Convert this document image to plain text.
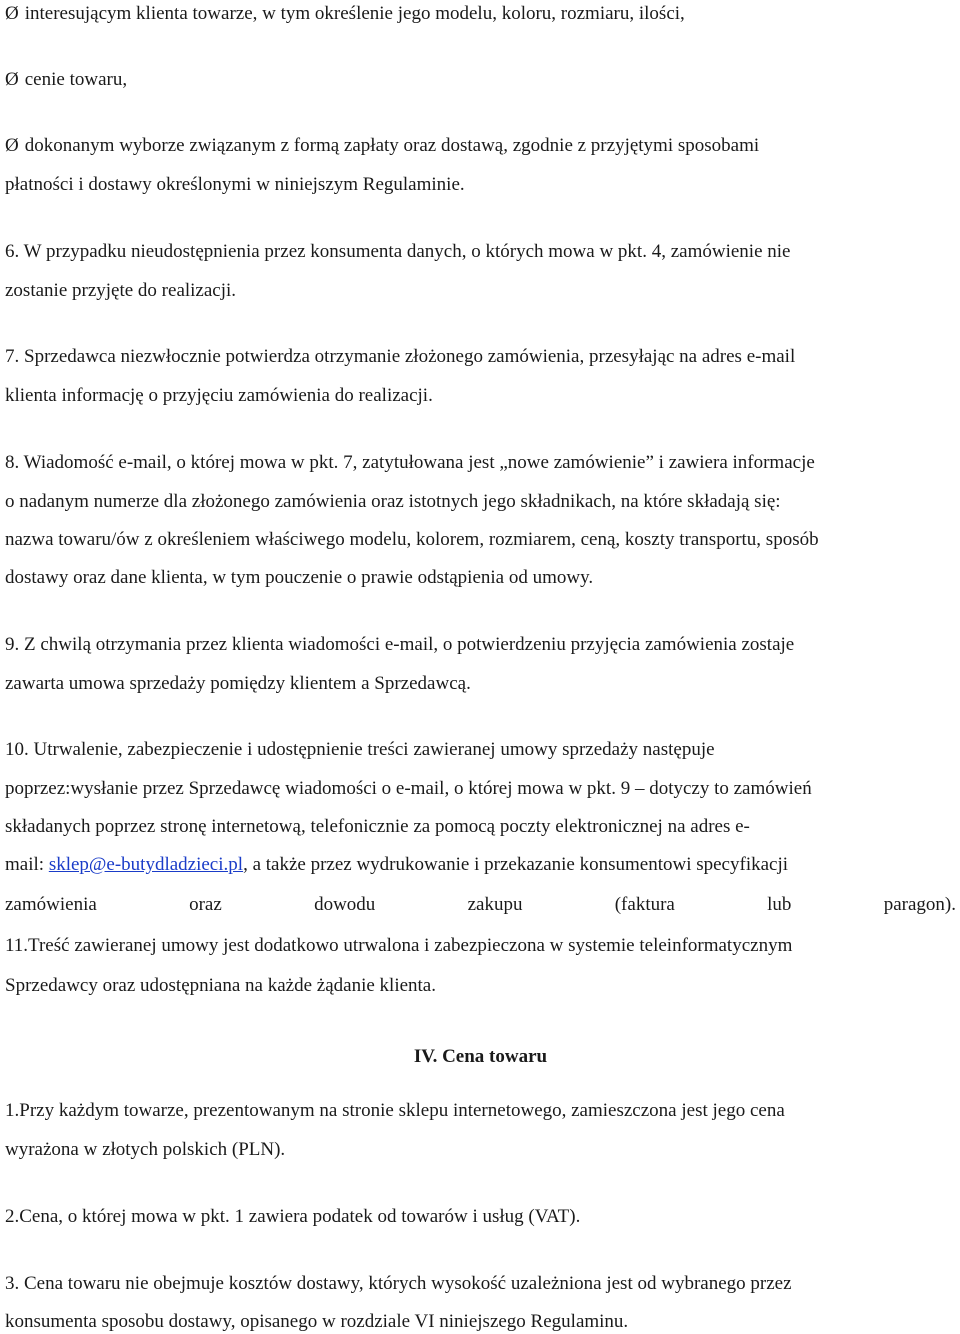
Ø interesującym klienta towarze, w tym określenie jego modelu, koloru, rozmiaru, ilości,
Ø cenie towaru,
Ø dokonanym wyborze związanym z formą zapłaty oraz dostawą, zgodnie z przyjętymi sposobami
płatności i dostawy określonymi w niniejszym Regulaminie.
6. W przypadku nieudostępnienia przez konsumenta danych, o których mowa w pkt. 4, zamówienie nie
zostanie przyjęte do realizacji.
7. Sprzedawca niezwłocznie potwierdza otrzymanie złożonego zamówienia, przesyłając na adres e-mail
klienta informację o przyjęciu zamówienia do realizacji.
8. Wiadomość e-mail, o której mowa w pkt. 7, zatytułowana jest „nowe zamówienie” i zawiera informacje
o nadanym numerze dla złożonego zamówienia oraz istotnych jego składnikach, na które składają się:
nazwa towaru/ów z określeniem właściwego modelu, kolorem, rozmiarem, ceną, koszty transportu, sposób
dostawy oraz dane klienta, w tym pouczenie o prawie odstąpienia od umowy.
9. Z chwilą otrzymania przez klienta wiadomości e-mail, o potwierdzeniu przyjęcia zamówienia zostaje
zawarta umowa sprzedaży pomiędzy klientem a Sprzedawcą.
10. Utrwalenie, zabezpieczenie i udostępnienie treści zawieranej umowy sprzedaży następuje
poprzez:wysłanie przez Sprzedawcę wiadomości o e-mail, o której mowa w pkt. 9 – dotyczy to zamówień
składanych poprzez stronę internetową, telefonicznie za pomocą poczty elektronicznej na adres e-
mail: sklep@e-butydladzieci.pl, a także przez wydrukowanie i przekazanie konsumentowi specyfikacji
zamówienia	oraz	dowodu	zakupu	(faktura	lub	paragon).
11.Treść zawieranej umowy jest dodatkowo utrwalona i zabezpieczona w systemie teleinformatycznym
Sprzedawcy oraz udostępniana na każde żądanie klienta.
IV. Cena towaru
1.Przy każdym towarze, prezentowanym na stronie sklepu internetowego, zamieszczona jest jego cena
wyrażona w złotych polskich (PLN).
2.Cena, o której mowa w pkt. 1 zawiera podatek od towarów i usług (VAT).
3. Cena towaru nie obejmuje kosztów dostawy, których wysokość uzależniona jest od wybranego przez
konsumenta sposobu dostawy, opisanego w rozdziale VI niniejszego Regulaminu.
